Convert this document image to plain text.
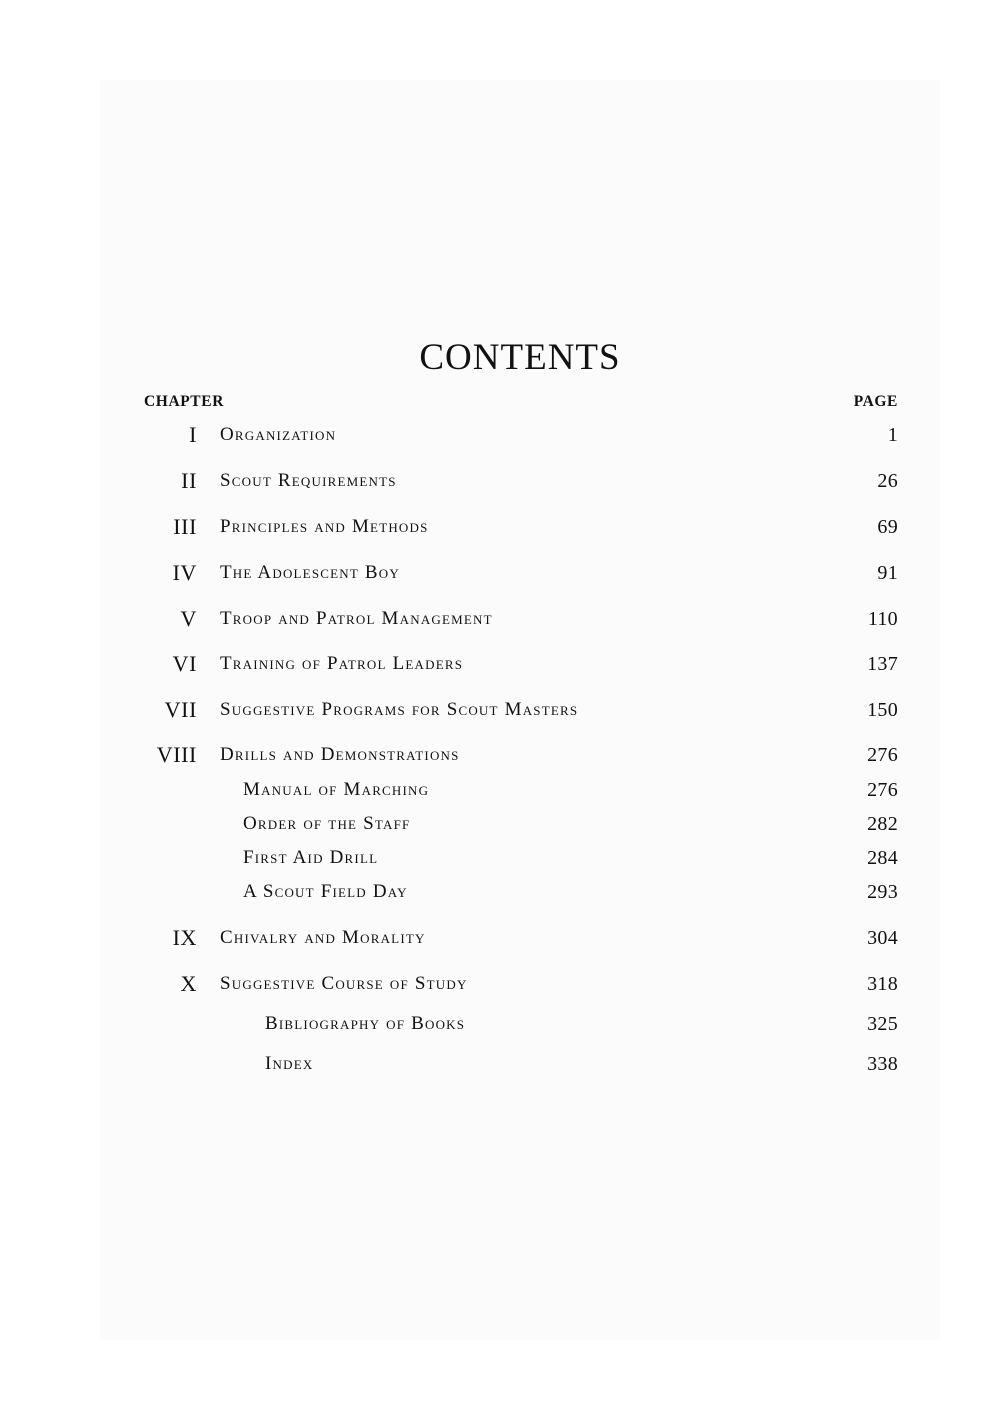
CONTENTS
CHAPTER	PAGE
I Organization	1
II Scout Requirements	26
III Principles and Methods	69
IV The Adolescent Boy	91
V Troop and Patrol Management	110
VI Training of Patrol Leaders	137
VII Suggestive Programs for Scout Masters	150
VIII Drills and Demonstrations	276
Manual of Marching	276
Order of the Staff	282
First Aid Drill	284
A Scout Field Day	293
IX Chivalry and Morality	304
X Suggestive Course of Study	318
Bibliography of Books	325
Index	338
